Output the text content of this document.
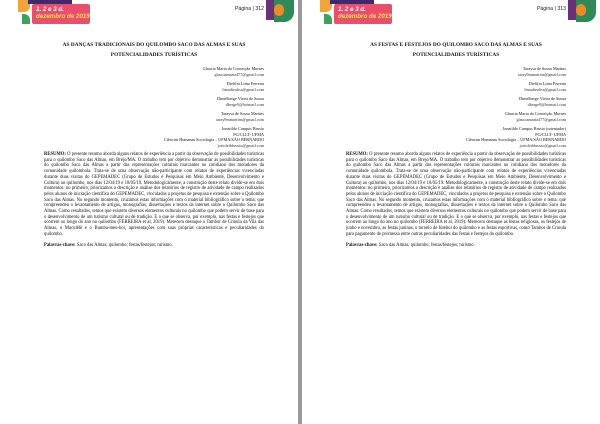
1. 2 e 3 d.
dezembro de 2019
Página | 312
AS DANÇAS TRADICIONAIS DO QUILOMBO SACO DAS ALMAS E SUAS
POTENCIALIDADES TURÍSTICAS
Glaucia Maria da Conceição Moraes
glauciamaria477@gmail.com
Dielifra Lima Ferreira
limadiealiss@gmail.com
Dimelberge Vieira de Sousa
dberge9@hotmail.com
Taraysa de Sousa Martins
taray9mmartins@gmail.com
Jonatildo Campos Brusio
PG/CLLT- UFMA
Ciências Humanas Sociologia – UFMA/SÃO BERNARDO
josioleibbrusio@gmail.com
RESUMO: O presente resumo aborda alguns relatos de experiência a partir da observação de possibilidades turísticas para o quilombo Saco das Almas, em Brejo/MA. O trabalho tem por objetivo demonstrar as possibilidades turísticas do quilombo Saco das Almas a partir das representações culturais marcantes no cotidiano dos moradores da comunidade quilombola. Trata-se de uma observação não-participante com relatos de experiências vivenciadas durante duas visitas do GEPEMADEC (Grupo de Estudos e Pesquisas em Meio Ambiente, Desenvolvimento e Cultura) ao quilombo, nos dias 12/04/19 e 18/05/19. Metodologicamente, a construção deste relato divide-se em dois momentos: no primeiro, priorizamos a descrição e análise dos relatórios de registro de atividade de campo realizados pelos alunos de iniciação científica do GEPEMADEC, vinculados a projetos de pesquisa e extensão sobre o Quilombo Saco das Almas. No segundo momento, cruzamos estas informações com o material bibliográfico sobre o tema: que compreendeu o levantamento de artigos, monografias, dissertações e textos da internet sobre o Quilombo Saco das Almas. Como resultados, temos que existem diversos elementos culturais no quilombo que podem servir de base para o desenvolvimento de um turismo cultural ou de tradição. E o que se observa, por exemplo, nas festas e festejos que ocorrem ao longo do ano no quilombo (FERREIRA et al, 2019). Merecem destaque o Tambor de Crioula da Vila das Almas, o Maculêlê e o Bumba-meu-boi, apresentações com suas próprias características e peculiaridades do quilombo.
Palavras-chave: Saco das Almas; quilombo; festas/festejos; turismo.
1. 2 e 3 d.
dezembro de 2019
Página | 313
AS FESTAS E FESTEJOS DO QUILOMBO SACO DAS ALMAS E SUAS
POTENCIALIDADES TURÍSTICAS
Taraysa de Sousa Martins
taray9mmartins@gmail.com
Dielifra Lima Ferreira
limadiealiss@gmail.com
Dimelberge Vieira de Sousa
dberge9@hotmail.com
Glaucia Maria da Conceição Moraes
glauciamaria477@gmail.com
Jonatildo Campos Brusio (orientador)
PG/CLLT- UFMA
Ciências Humanas Sociologia – UFMA/SÃO BERNARDO
josioleibbrusio@gmail.com
RESUMO: O presente resumo aborda alguns relatos de experiência a partir da observação de possibilidades turísticas para o quilombo Saco das Almas, em Brejo/MA. O trabalho tem por objetivo demonstrar as possibilidades turísticas do quilombo Saco das Almas a partir das representações culturais marcantes no cotidiano dos moradores da comunidade quilombola. Trata-se de uma observação não-participante com relatos de experiências vivenciadas durante duas visitas do GEPEMADEC (Grupo de Estudos e Pesquisas em Meio Ambiente, Desenvolvimento e Cultura) ao quilombo, nos dias 12/04/19 e 18/05/19. Metodologicamente, a construção deste relato divide-se em dois momentos: no primeiro, priorizamos a descrição e análise dos relatórios de registro de atividade de campo realizados pelos alunos de iniciação científica do GEPEMADEC, vinculados a projetos de pesquisa e extensão sobre o Quilombo Saco das Almas. No segundo momento, cruzamos estas informações com o material bibliográfico sobre o tema: que compreendeu o levantamento de artigos, monografias, dissertações e textos da internet sobre o Quilombo Saco das Almas. Como resultados, temos que existem diversos elementos culturais no quilombo que podem servir de base para o desenvolvimento de um turismo cultural ou de tradição. E o que se observa, por exemplo, nas festas e festejos que ocorrem ao longo do ano no quilombo (FERREIRA et al, 2019). Merecem destaque as festas religiosas, os festejos de junho e novembro, as festas juninas, o torneio de futebol do quilombo e as festas esportivas, como Tambor de Crioula para pagamento de promessa entre outras peculiaridades das festas e festejos do quilombo.
Palavras-chave: Saco das Almas; quilombo; festas/festejos; turismo.
